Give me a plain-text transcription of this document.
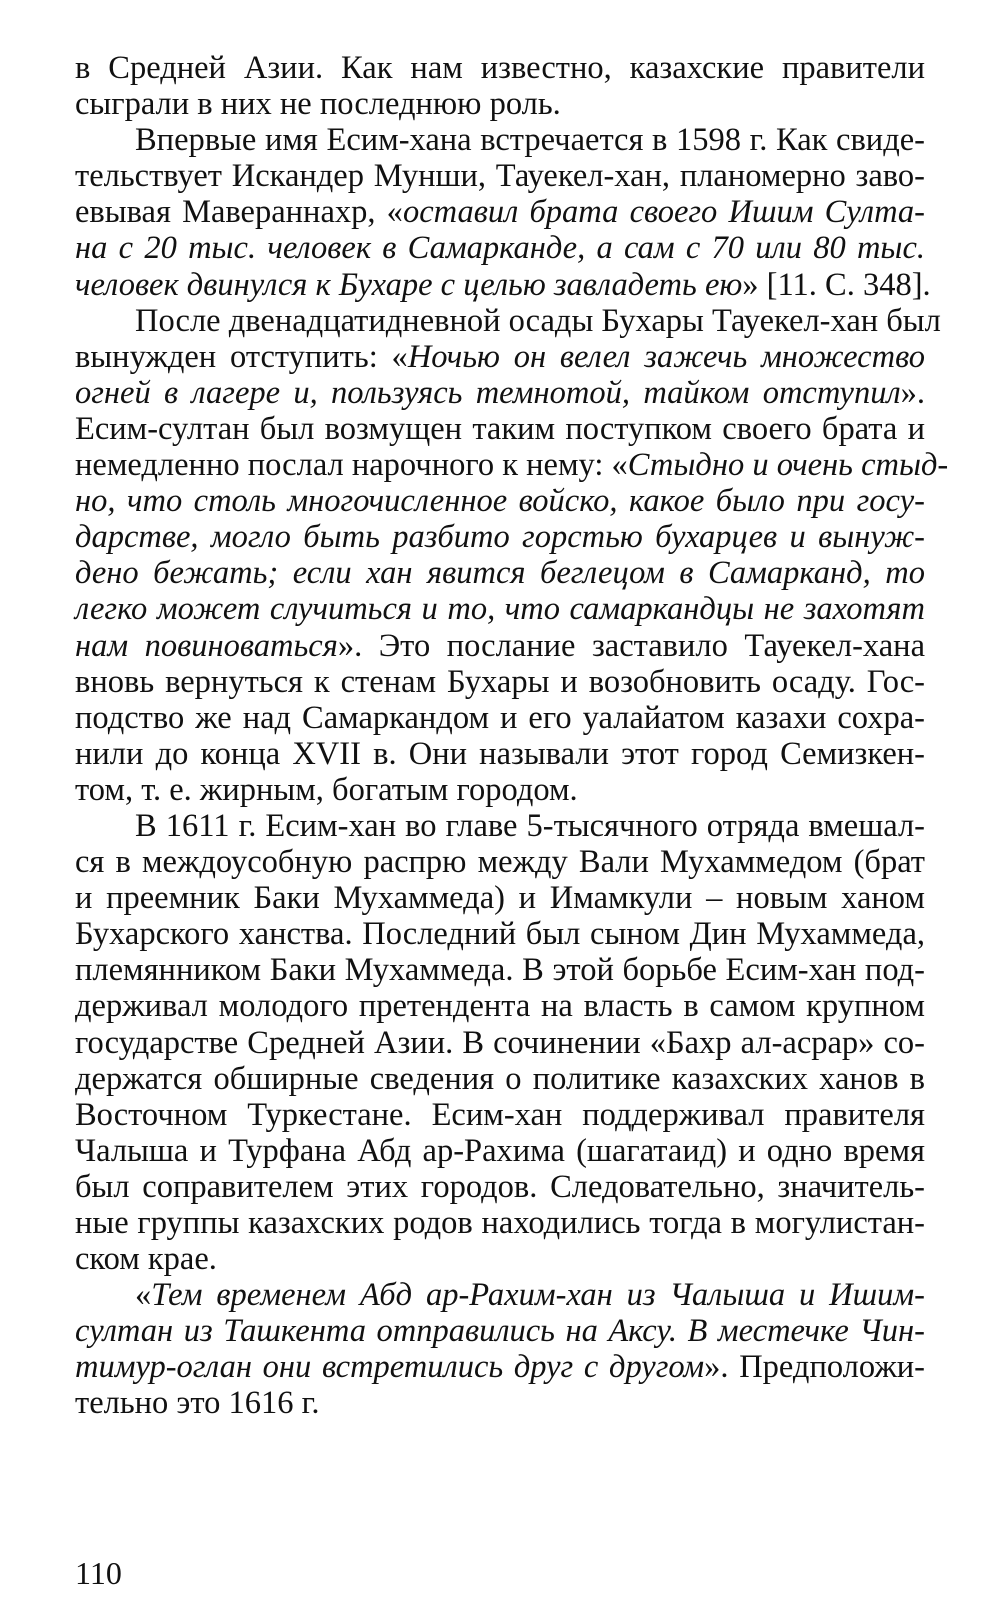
в Средней Азии. Как нам известно, казахские правители
сыграли в них не последнюю роль.
Впервые имя Есим-хана встречается в 1598 г. Как свиде-
тельствует Искандер Мунши, Тауекел-хан, планомерно заво-
евывая Мавераннахр, «оставил брата своего Ишим Султа-
на с 20 тыс. человек в Самарканде, а сам с 70 или 80 тыс.
человек двинулся к Бухаре с целью завладеть ею» [11. С. 348].
После двенадцатидневной осады Бухары Тауекел-хан был
вынужден отступить: «Ночью он велел зажечь множество
огней в лагере и, пользуясь темнотой, тайком отступил».
Есим-султан был возмущен таким поступком своего брата и
немедленно послал нарочного к нему: «Стыдно и очень стыд-
но, что столь многочисленное войско, какое было при госу-
дарстве, могло быть разбито горстью бухарцев и вынуж-
дено бежать; если хан явится беглецом в Самарканд, то
легко может случиться и то, что самаркандцы не захотят
нам повиноваться». Это послание заставило Тауекел-хана
вновь вернуться к стенам Бухары и возобновить осаду. Гос-
подство же над Самаркандом и его уалайатом казахи сохра-
нили до конца XVII в. Они называли этот город Семизкен-
том, т. е. жирным, богатым городом.
В 1611 г. Есим-хан во главе 5-тысячного отряда вмешал-
ся в междоусобную распрю между Вали Мухаммедом (брат
и преемник Баки Мухаммеда) и Имамкули – новым ханом
Бухарского ханства. Последний был сыном Дин Мухаммеда,
племянником Баки Мухаммеда. В этой борьбе Есим-хан под-
держивал молодого претендента на власть в самом крупном
государстве Средней Азии. В сочинении «Бахр ал-асрар» со-
держатся обширные сведения о политике казахских ханов в
Восточном Туркестане. Есим-хан поддерживал правителя
Чалыша и Турфана Абд ар-Рахима (шагатаид) и одно время
был соправителем этих городов. Следовательно, значитель-
ные группы казахских родов находились тогда в могулистан-
ском крае.
«Тем временем Абд ар-Рахим-хан из Чалыша и Ишим-
султан из Ташкента отправились на Аксу. В местечке Чин-
тимур-оглан они встретились друг с другом». Предположи-
тельно это 1616 г.
110
